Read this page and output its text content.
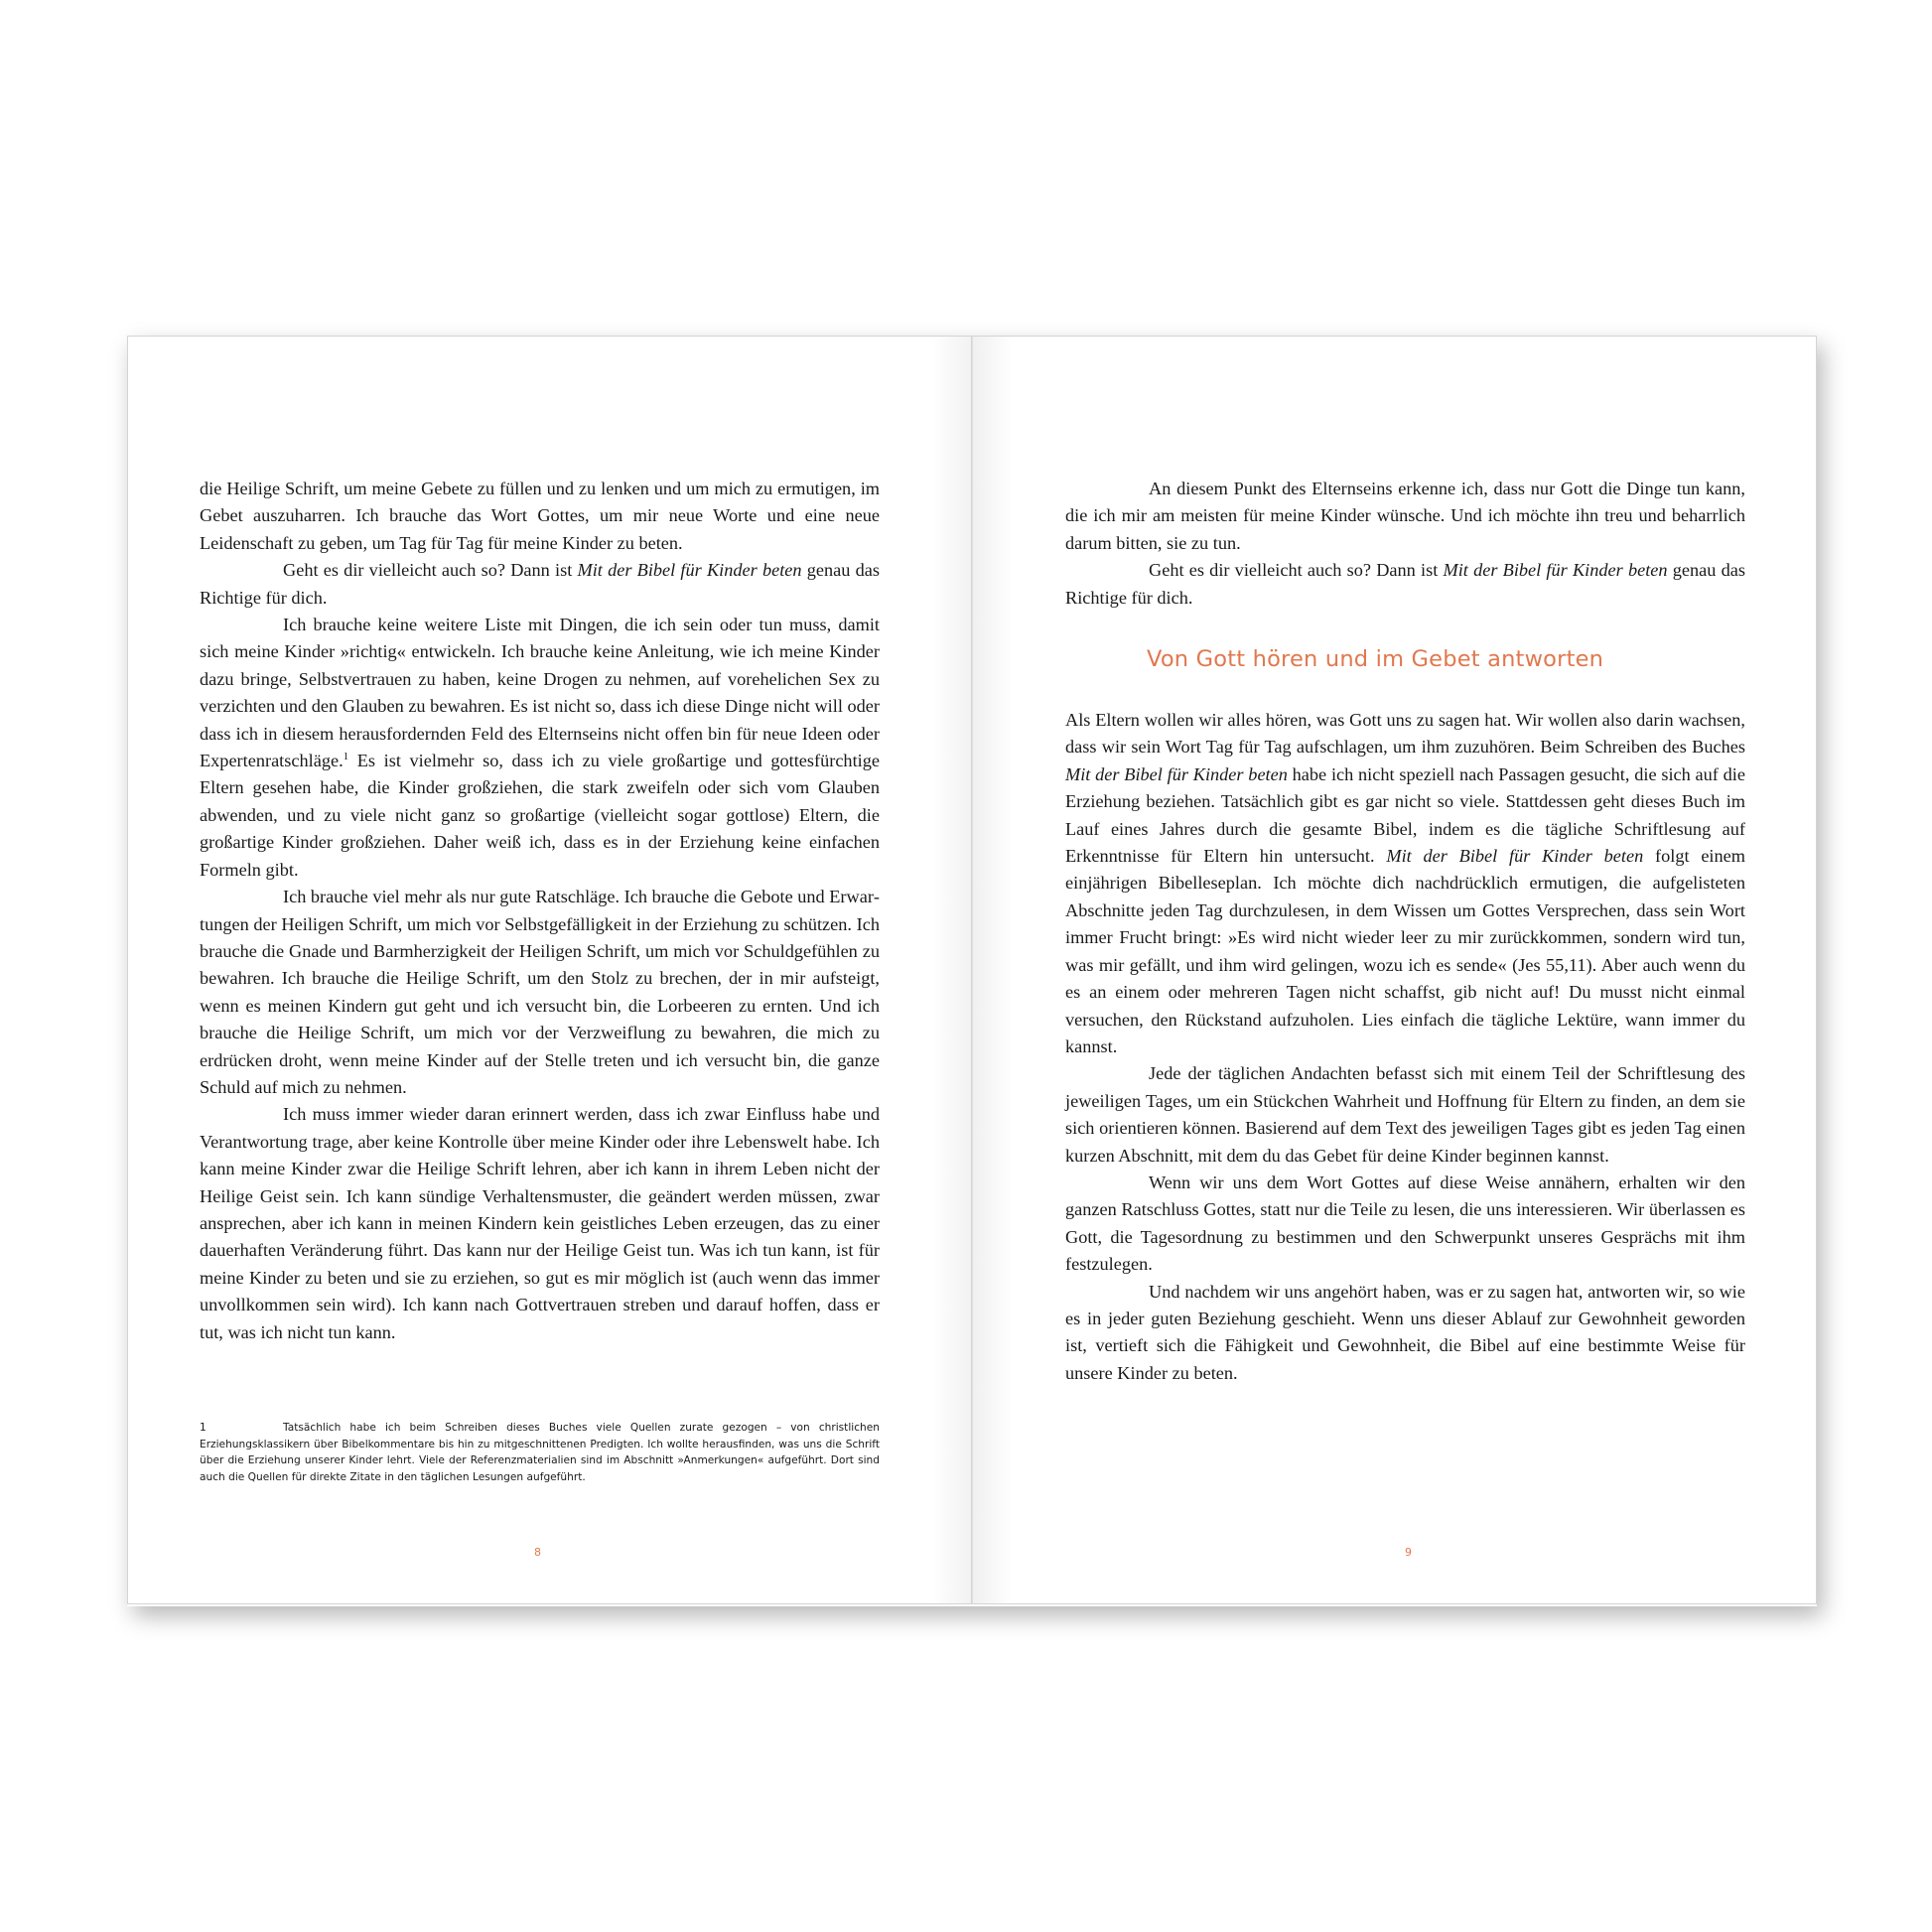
die Heilige Schrift, um meine Gebete zu füllen und zu lenken und um mich zu ermutigen, im Gebet auszuharren. Ich brauche das Wort Gottes, um mir neue Worte und eine neue Leidenschaft zu geben, um Tag für Tag für meine Kinder zu beten.

Geht es dir vielleicht auch so? Dann ist Mit der Bibel für Kinder beten genau das Richtige für dich.

Ich brauche keine weitere Liste mit Dingen, die ich sein oder tun muss, damit sich meine Kinder »richtig« entwickeln. Ich brauche keine Anleitung, wie ich meine Kinder dazu bringe, Selbstvertrauen zu haben, keine Drogen zu nehmen, auf vorehelichen Sex zu verzichten und den Glauben zu bewahren. Es ist nicht so, dass ich diese Dinge nicht will oder dass ich in diesem herausfordernden Feld des Elternseins nicht offen bin für neue Ideen oder Expertenratschläge.$^1$ Es ist vielmehr so, dass ich zu viele großartige und gottesfürchtige Eltern gesehen habe, die Kinder großziehen, die stark zweifeln oder sich vom Glauben abwenden, und zu viele nicht ganz so großartige (vielleicht sogar gottlose) Eltern, die großartige Kinder großziehen. Daher weiß ich, dass es in der Erziehung keine einfachen Formeln gibt.

Ich brauche viel mehr als nur gute Ratschläge. Ich brauche die Gebote und Erwartungen der Heiligen Schrift, um mich vor Selbstgefälligkeit in der Erziehung zu schützen. Ich brauche die Gnade und Barmherzigkeit der Heiligen Schrift, um mich vor Schuldgefühlen zu bewahren. Ich brauche die Heilige Schrift, um den Stolz zu brechen, der in mir aufsteigt, wenn es meinen Kindern gut geht und ich versucht bin, die Lorbeeren zu ernten. Und ich brauche die Heilige Schrift, um mich vor der Verzweiflung zu bewahren, die mich zu erdrücken droht, wenn meine Kinder auf der Stelle treten und ich versucht bin, die ganze Schuld auf mich zu nehmen.

Ich muss immer wieder daran erinnert werden, dass ich zwar Einfluss habe und Verantwortung trage, aber keine Kontrolle über meine Kinder oder ihre Lebenswelt habe. Ich kann meine Kinder zwar die Heilige Schrift lehren, aber ich kann in ihrem Leben nicht der Heilige Geist sein. Ich kann sündige Verhaltensmuster, die geändert werden müssen, zwar ansprechen, aber ich kann in meinen Kindern kein geistliches Leben erzeugen, das zu einer dauerhaften Veränderung führt. Das kann nur der Heilige Geist tun. Was ich tun kann, ist für meine Kinder zu beten und sie zu erziehen, so gut es mir möglich ist (auch wenn das immer unvollkommen sein wird). Ich kann nach Gottvertrauen streben und darauf hoffen, dass er tut, was ich nicht tun kann.

1	Tatsächlich habe ich beim Schreiben dieses Buches viele Quellen zurate gezogen – von christlichen Erziehungsklassikern über Bibelkommentare bis hin zu mitgeschnittenen Predigten. Ich wollte herausfinden, was uns die Schrift über die Erziehung unserer Kinder lehrt. Viele der Referenzmaterialien sind im Abschnitt »Anmerkungen« aufgeführt. Dort sind auch die Quellen für direkte Zitate in den täglichen Lesungen aufgeführt.
8

An diesem Punkt des Elternseins erkenne ich, dass nur Gott die Dinge tun kann, die ich mir am meisten für meine Kinder wünsche. Und ich möchte ihn treu und beharrlich darum bitten, sie zu tun.

Geht es dir vielleicht auch so? Dann ist Mit der Bibel für Kinder beten genau das Richtige für dich.

Von Gott hören und im Gebet antworten

Als Eltern wollen wir alles hören, was Gott uns zu sagen hat. Wir wollen also darin wachsen, dass wir sein Wort Tag für Tag aufschlagen, um ihm zuzuhören. Beim Schreiben des Buches Mit der Bibel für Kinder beten habe ich nicht speziell nach Passagen gesucht, die sich auf die Erziehung beziehen. Tatsächlich gibt es gar nicht so viele. Stattdessen geht dieses Buch im Lauf eines Jahres durch die gesamte Bibel, indem es die tägliche Schriftlesung auf Erkenntnisse für Eltern hin untersucht. Mit der Bibel für Kinder beten folgt einem einjährigen Bibelleseplan. Ich möchte dich nachdrücklich ermutigen, die aufgelisteten Abschnitte jeden Tag durchzulesen, in dem Wissen um Gottes Versprechen, dass sein Wort immer Frucht bringt: »Es wird nicht wieder leer zu mir zurückkommen, sondern wird tun, was mir gefällt, und ihm wird gelingen, wozu ich es sende« (Jes 55,11). Aber auch wenn du es an einem oder mehreren Tagen nicht schaffst, gib nicht auf! Du musst nicht einmal versuchen, den Rückstand aufzuholen. Lies einfach die tägliche Lektüre, wann immer du kannst.

Jede der täglichen Andachten befasst sich mit einem Teil der Schriftlesung des jeweiligen Tages, um ein Stückchen Wahrheit und Hoffnung für Eltern zu finden, an dem sie sich orientieren können. Basierend auf dem Text des jeweiligen Tages gibt es jeden Tag einen kurzen Abschnitt, mit dem du das Gebet für deine Kinder beginnen kannst.

Wenn wir uns dem Wort Gottes auf diese Weise annähern, erhalten wir den ganzen Ratschluss Gottes, statt nur die Teile zu lesen, die uns interessieren. Wir überlassen es Gott, die Tagesordnung zu bestimmen und den Schwerpunkt unseres Gesprächs mit ihm festzulegen.

Und nachdem wir uns angehört haben, was er zu sagen hat, antworten wir, so wie es in jeder guten Beziehung geschieht. Wenn uns dieser Ablauf zur Gewohnheit geworden ist, vertieft sich die Fähigkeit und Gewohnheit, die Bibel auf eine bestimmte Weise für unsere Kinder zu beten.

9
